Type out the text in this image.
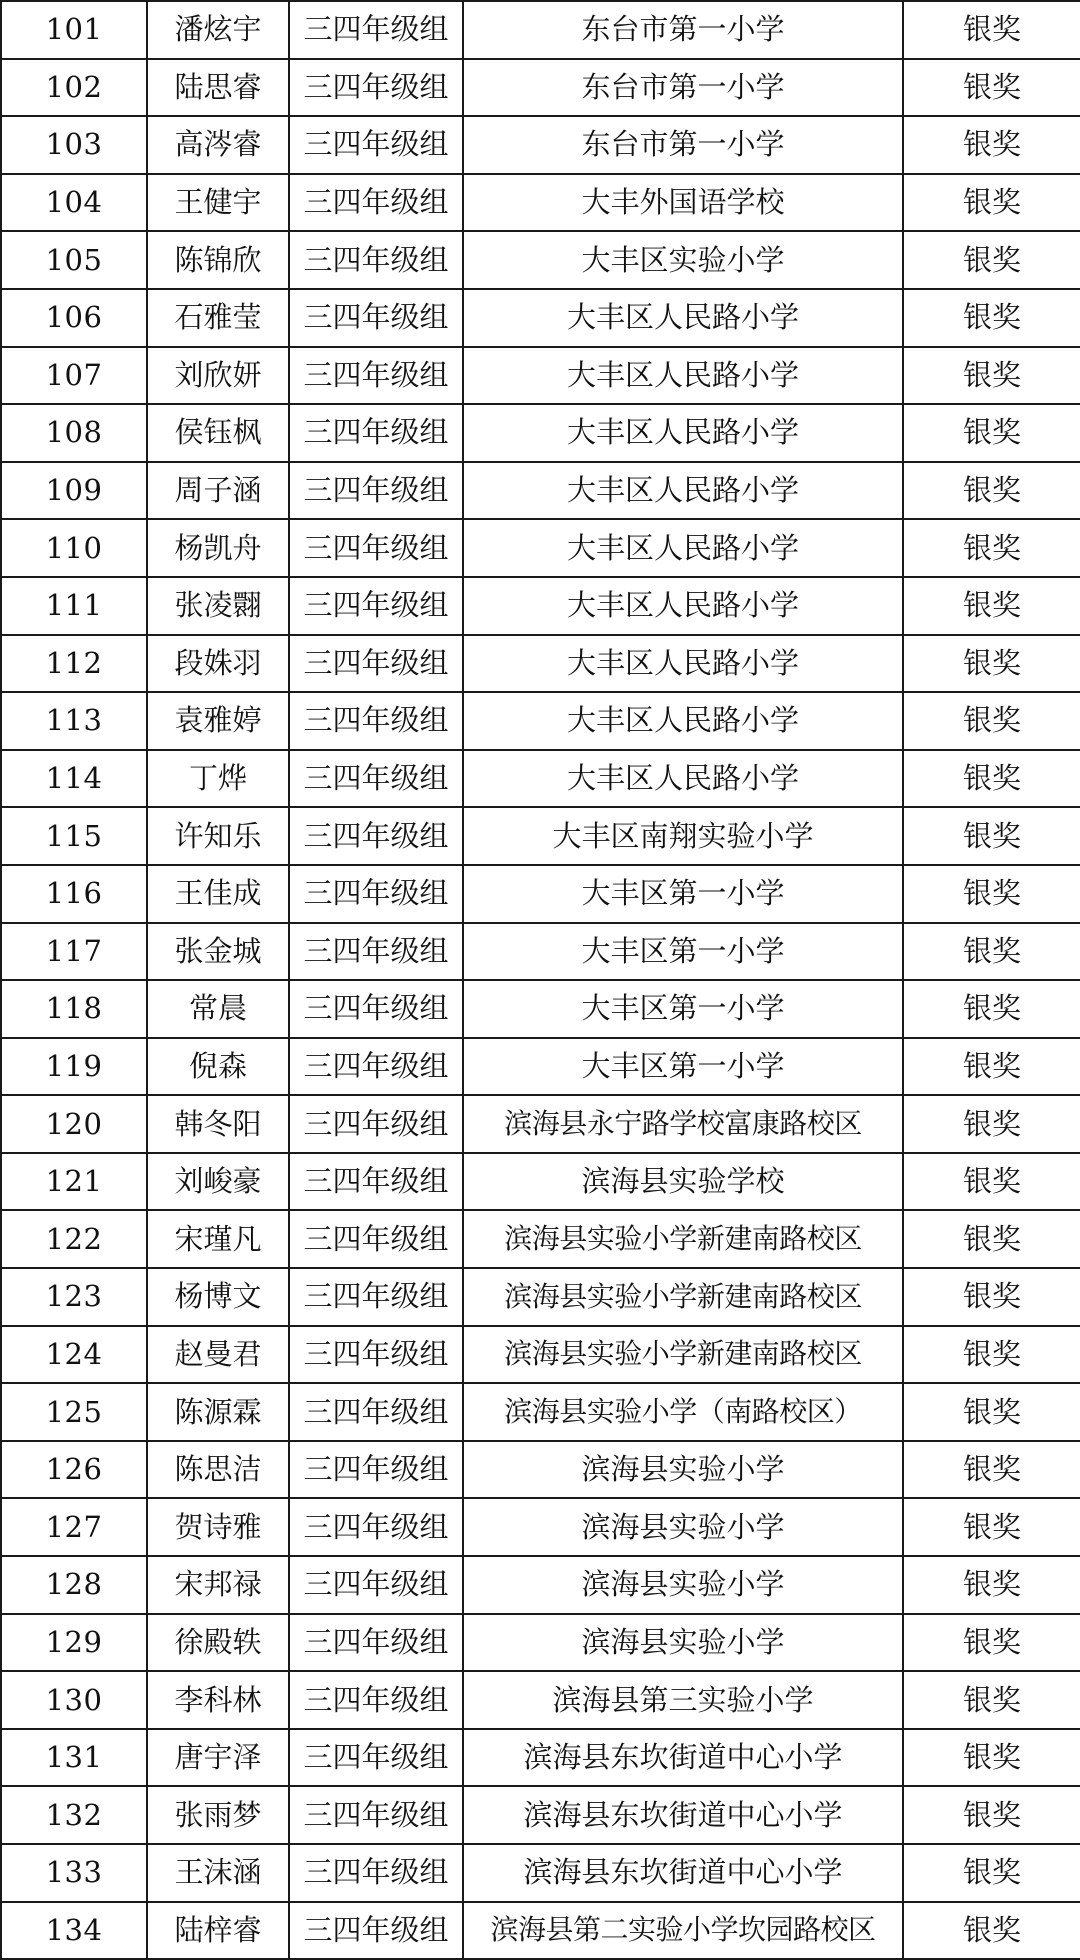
101	潘炫宇	三四年级组	东台市第一小学	银奖
102	陆思睿	三四年级组	东台市第一小学	银奖
103	高涔睿	三四年级组	东台市第一小学	银奖
104	王健宇	三四年级组	大丰外国语学校	银奖
105	陈锦欣	三四年级组	大丰区实验小学	银奖
106	石雅莹	三四年级组	大丰区人民路小学	银奖
107	刘欣妍	三四年级组	大丰区人民路小学	银奖
108	侯钰枫	三四年级组	大丰区人民路小学	银奖
109	周子涵	三四年级组	大丰区人民路小学	银奖
110	杨凯舟	三四年级组	大丰区人民路小学	银奖
111	张凌翾	三四年级组	大丰区人民路小学	银奖
112	段姝羽	三四年级组	大丰区人民路小学	银奖
113	袁雅婷	三四年级组	大丰区人民路小学	银奖
114	丁烨	三四年级组	大丰区人民路小学	银奖
115	许知乐	三四年级组	大丰区南翔实验小学	银奖
116	王佳成	三四年级组	大丰区第一小学	银奖
117	张金城	三四年级组	大丰区第一小学	银奖
118	常晨	三四年级组	大丰区第一小学	银奖
119	倪森	三四年级组	大丰区第一小学	银奖
120	韩冬阳	三四年级组	滨海县永宁路学校富康路校区	银奖
121	刘峻豪	三四年级组	滨海县实验学校	银奖
122	宋瑾凡	三四年级组	滨海县实验小学新建南路校区	银奖
123	杨博文	三四年级组	滨海县实验小学新建南路校区	银奖
124	赵曼君	三四年级组	滨海县实验小学新建南路校区	银奖
125	陈源霖	三四年级组	滨海县实验小学（南路校区）	银奖
126	陈思洁	三四年级组	滨海县实验小学	银奖
127	贺诗雅	三四年级组	滨海县实验小学	银奖
128	宋邦禄	三四年级组	滨海县实验小学	银奖
129	徐殿轶	三四年级组	滨海县实验小学	银奖
130	李科林	三四年级组	滨海县第三实验小学	银奖
131	唐宇泽	三四年级组	滨海县东坎街道中心小学	银奖
132	张雨梦	三四年级组	滨海县东坎街道中心小学	银奖
133	王沫涵	三四年级组	滨海县东坎街道中心小学	银奖
134	陆梓睿	三四年级组	滨海县第二实验小学坎园路校区	银奖
